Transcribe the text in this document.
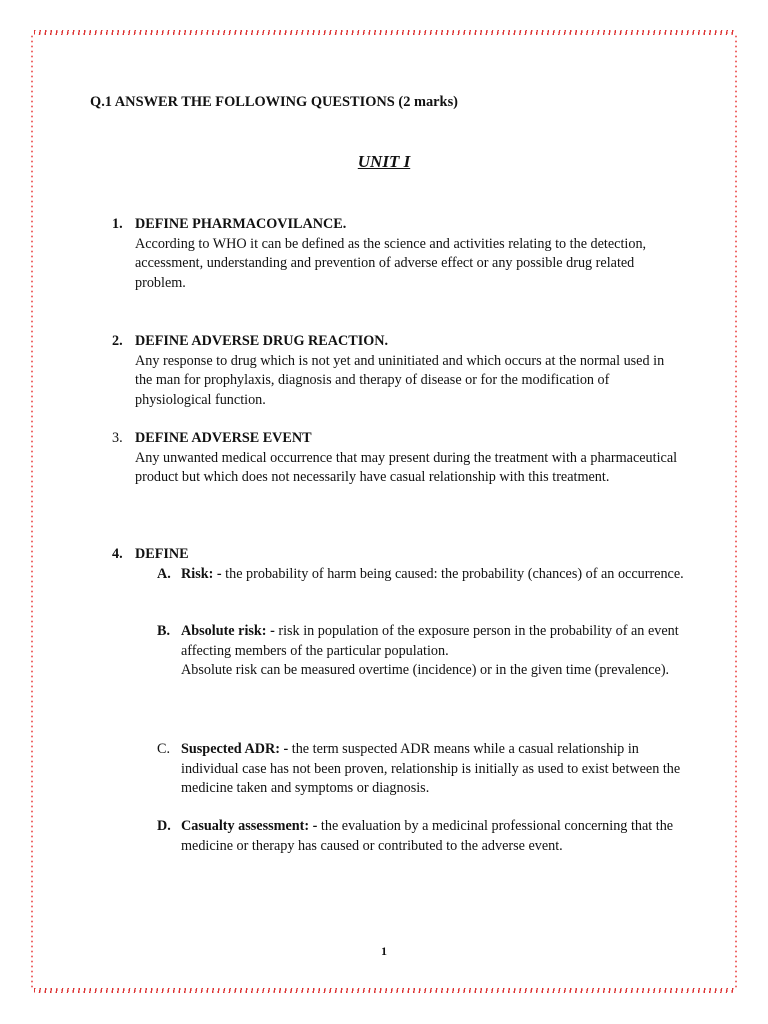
Q.1 ANSWER THE FOLLOWING QUESTIONS (2 marks)
UNIT I
1. DEFINE PHARMACOVILANCE.
According to WHO it can be defined as the science and activities relating to the detection, accessment, understanding and prevention of adverse effect or any possible drug related problem.
2. DEFINE ADVERSE DRUG REACTION.
Any response to drug which is not yet and uninitiated and which occurs at the normal used in the man for prophylaxis, diagnosis and therapy of disease or for the modification of physiological function.
3. DEFINE ADVERSE EVENT
Any unwanted medical occurrence that may present during the treatment with a pharmaceutical product but which does not necessarily have casual relationship with this treatment.
4. DEFINE
A. Risk: - the probability of harm being caused: the probability (chances) of an occurrence.
B. Absolute risk: - risk in population of the exposure person in the probability of an event affecting members of the particular population.
Absolute risk can be measured overtime (incidence) or in the given time (prevalence).
C. Suspected ADR: - the term suspected ADR means while a casual relationship in individual case has not been proven, relationship is initially as used to exist between the medicine taken and symptoms or diagnosis.
D. Casualty assessment: - the evaluation by a medicinal professional concerning that the medicine or therapy has caused or contributed to the adverse event.
1
